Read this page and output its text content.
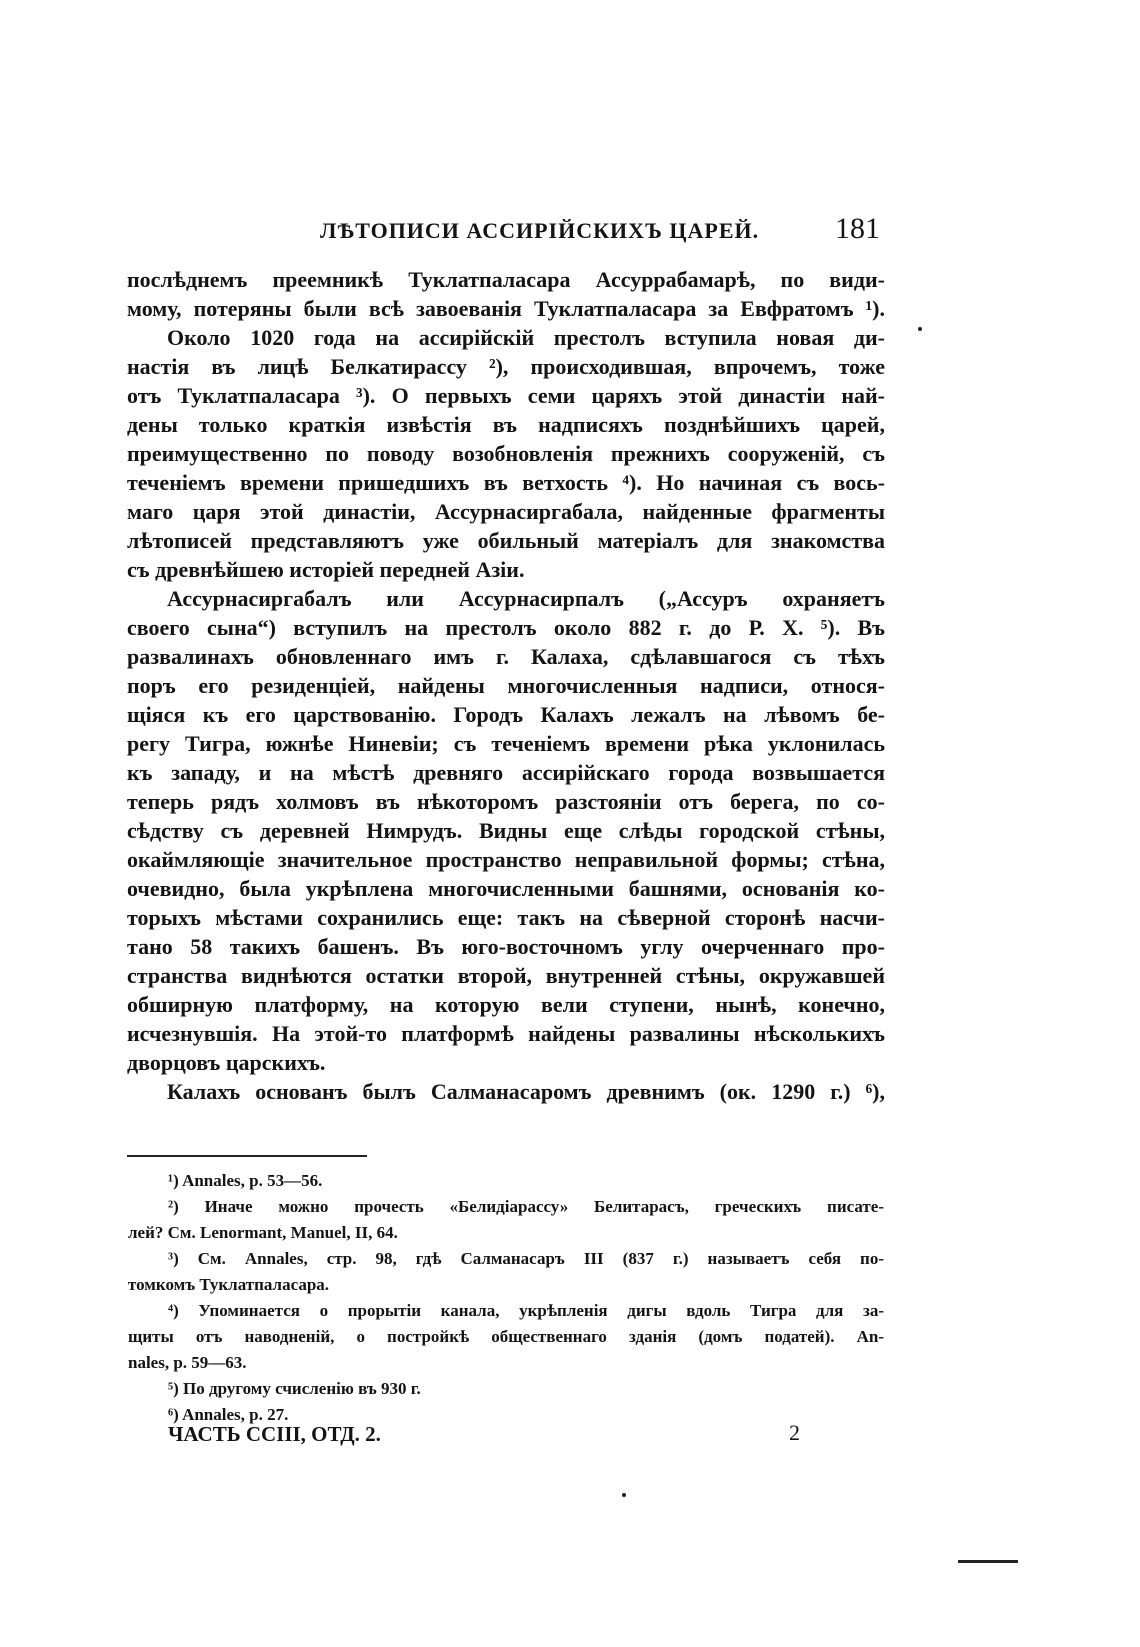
ЛѢТОПИСИ АССИРІЙСКИХЪ ЦАРЕЙ.	181
послѣднемъ преемникѣ Туклатпаласара Ассуррабамарѣ, по види-
мому, потеряны были всѣ завоеванія Туклатпаласара за Евфратомъ ¹).
Около 1020 года на ассирійскій престолъ вступила новая ди-
настія въ лицѣ Белкатирассу ²), происходившая, впрочемъ, тоже
отъ Туклатпаласара ³). О первыхъ семи царяхъ этой династіи най-
дены только краткія извѣстія въ надписяхъ позднѣйшихъ царей,
преимущественно по поводу возобновленія прежнихъ сооруженій, съ
теченіемъ времени пришедшихъ въ ветхость ⁴). Но начиная съ вось-
маго царя этой династіи, Ассурнасиргабала, найденные фрагменты
лѣтописей представляютъ уже обильный матеріалъ для знакомства
съ древнѣйшею исторіей передней Азіи.
Ассурнасиргабалъ или Ассурнасирпалъ („Ассуръ охраняетъ
своего сына“) вступилъ на престолъ около 882 г. до Р. Х. ⁵). Въ
развалинахъ обновленнаго имъ г. Калаха, сдѣлавшагося съ тѣхъ
поръ его резиденціей, найдены многочисленныя надписи, относя-
щіяся къ его царствованію. Городъ Калахъ лежалъ на лѣвомъ бе-
регу Тигра, южнѣе Ниневіи; съ теченіемъ времени рѣка уклонилась
къ западу, и на мѣстѣ древняго ассирійскаго города возвышается
теперь рядъ холмовъ въ нѣкоторомъ разстояніи отъ берега, по со-
сѣдству съ деревней Нимрудъ. Видны еще слѣды городской стѣны,
окаймляющіе значительное пространство неправильной формы; стѣна,
очевидно, была укрѣплена многочисленными башнями, основанія ко-
торыхъ мѣстами сохранились еще: такъ на сѣверной сторонѣ насчи-
тано 58 такихъ башенъ. Въ юго-восточномъ углу очерченнаго про-
странства виднѣются остатки второй, внутренней стѣны, окружавшей
обширную платформу, на которую вели ступени, нынѣ, конечно,
исчезнувшія. На этой-то платформѣ найдены развалины нѣсколькихъ
дворцовъ царскихъ.
Калахъ основанъ былъ Салманасаромъ древнимъ (ок. 1290 г.) ⁶),
¹) Annales, p. 53—56.
²) Иначе можно прочесть «Белидіарассу» Белитарасъ, греческихъ писате-
лей? См. Lenormant, Manuel, II, 64.
³) См. Annales, стр. 98, гдѣ Салманасаръ III (837 г.) называетъ себя по-
томкомъ Туклатпаласара.
⁴) Упоминается о прорытіи канала, укрѣпленія дигы вдоль Тигра для за-
щиты отъ наводненій, о постройкѣ общественнаго зданія (домъ податей). An-
nales, p. 59—63.
⁵) По другому счисленію въ 930 г.
⁶) Annales, p. 27.
ЧАСТЬ CCIII, ОТД. 2.	2
